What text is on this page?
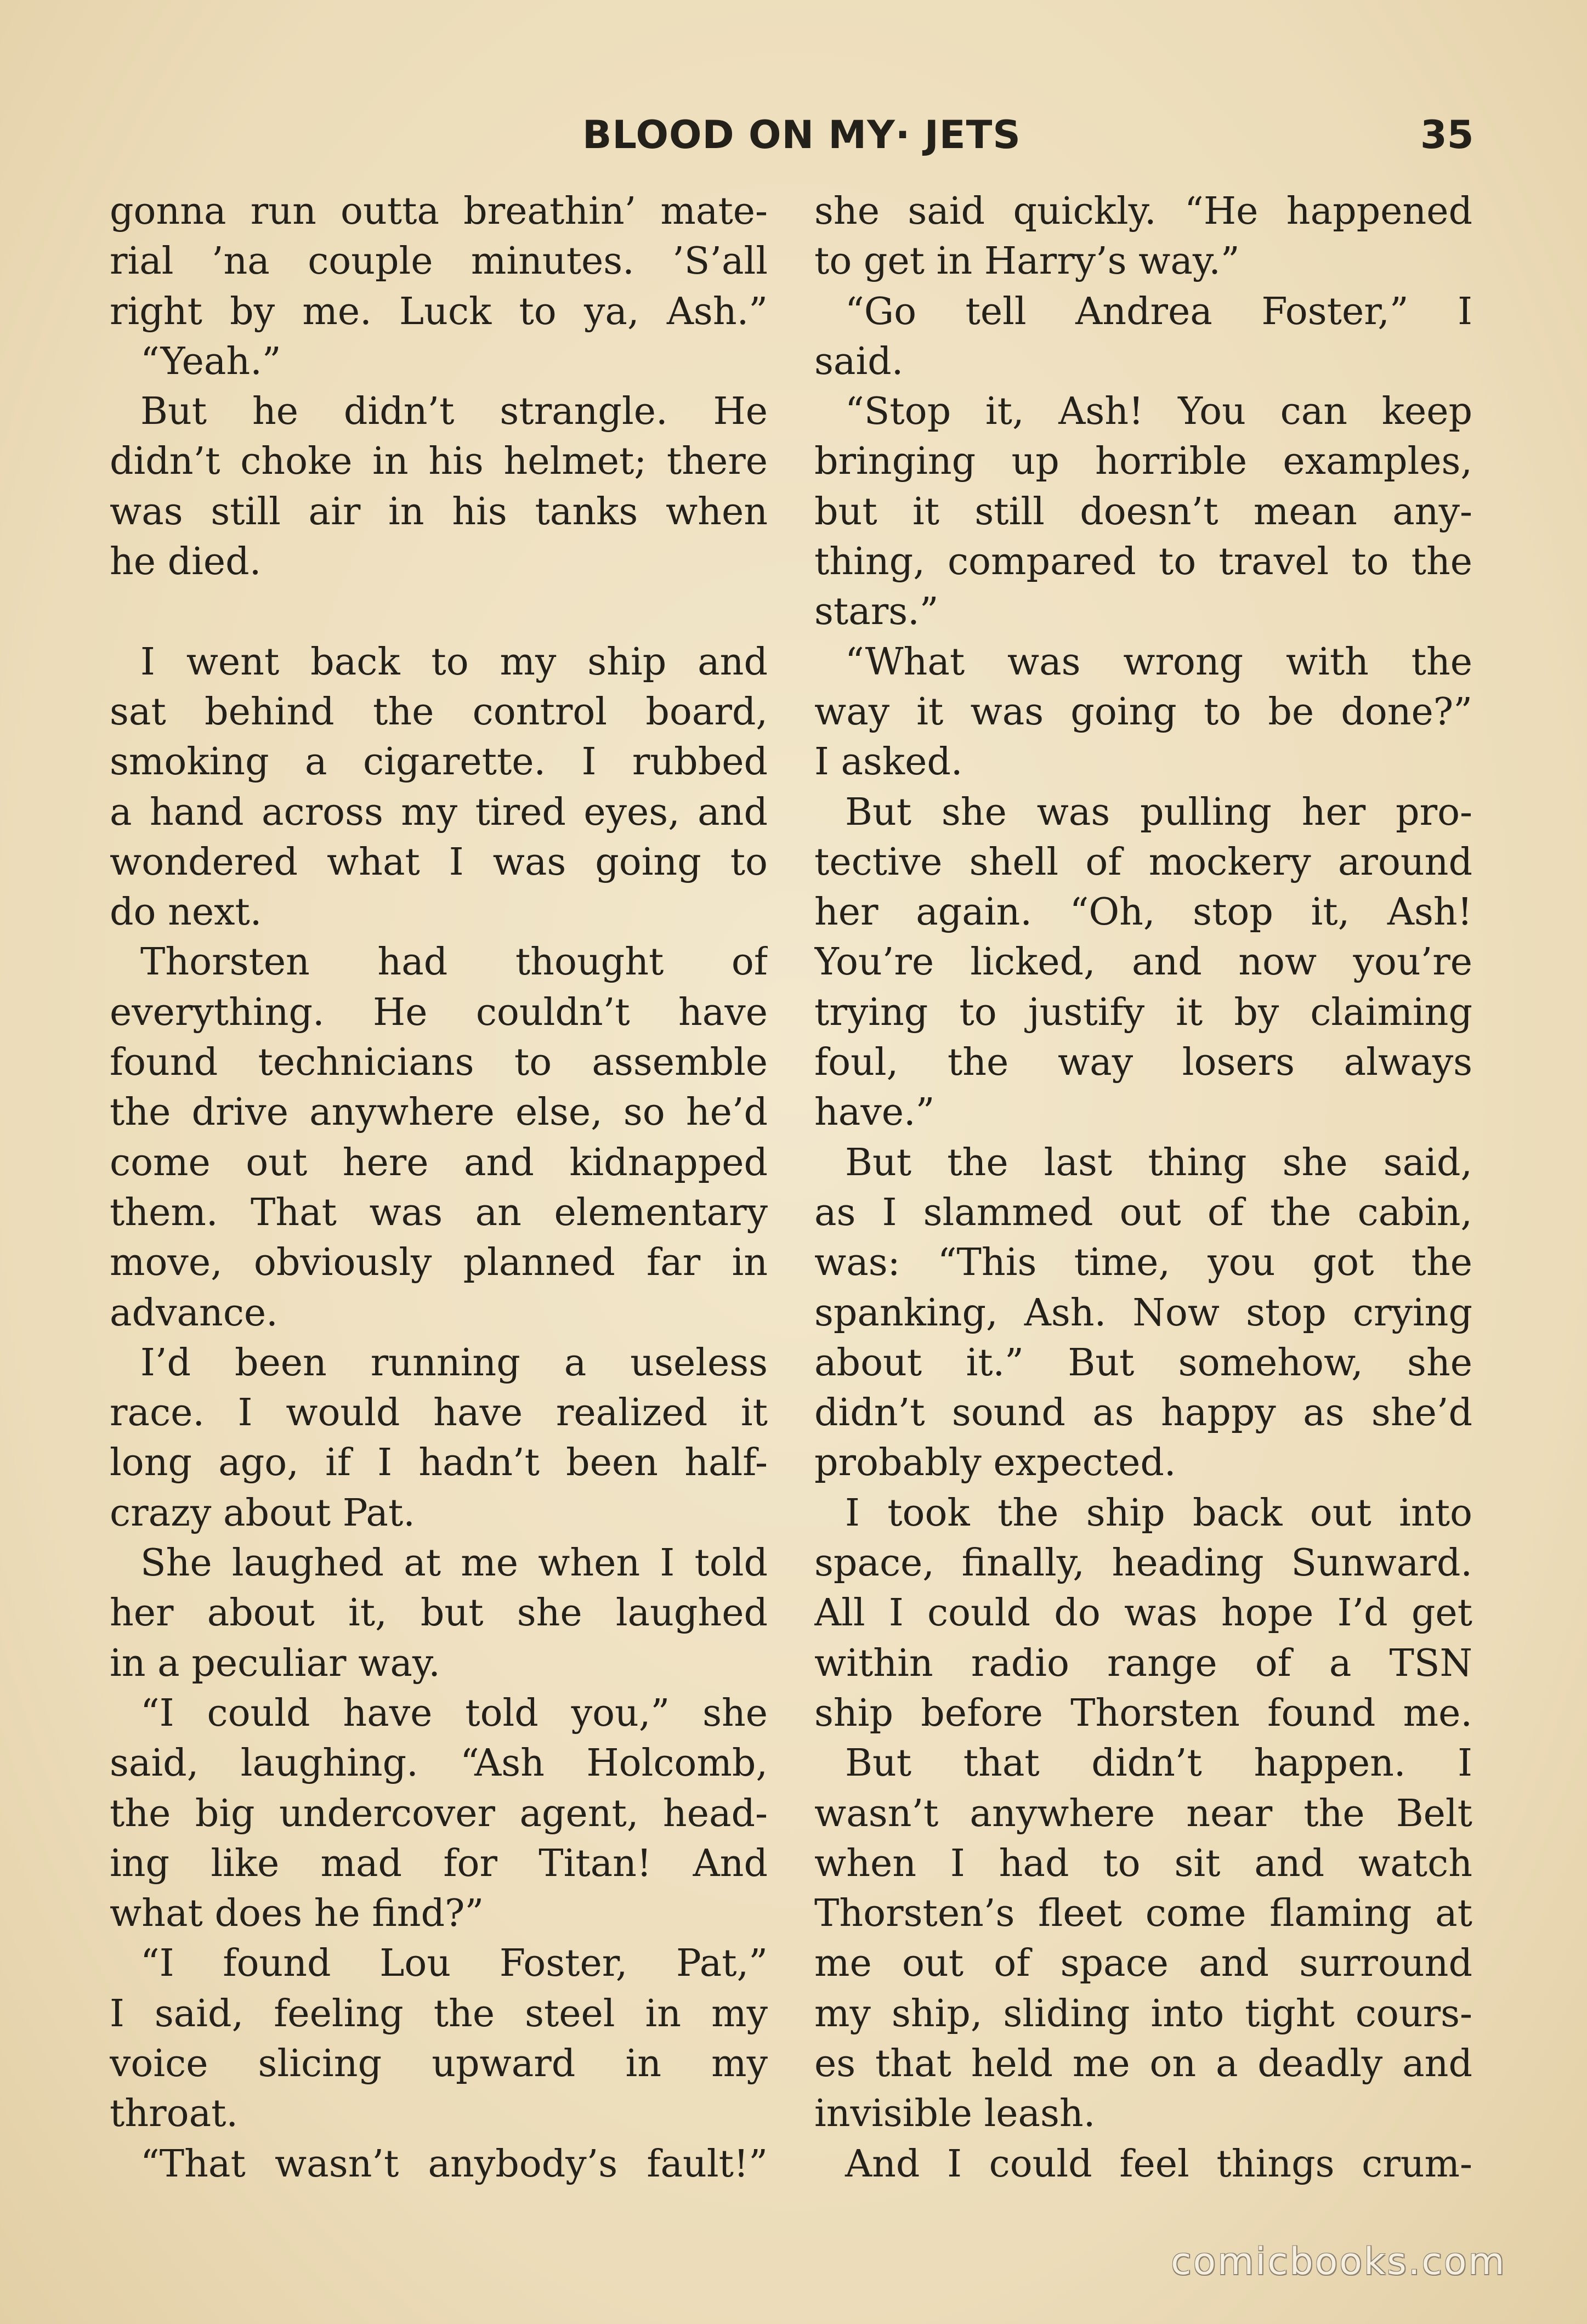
BLOOD ON MY· JETS	35
gonna run outta breathin’ mate-
rial ’na couple minutes. ’S’all
right by me. Luck to ya, Ash.”
“Yeah.”
But he didn’t strangle. He
didn’t choke in his helmet; there
was still air in his tanks when
he died.
I went back to my ship and
sat behind the control board,
smoking a cigarette. I rubbed
a hand across my tired eyes, and
wondered what I was going to
do next.
Thorsten had thought of
everything. He couldn’t have
found technicians to assemble
the drive anywhere else, so he’d
come out here and kidnapped
them. That was an elementary
move, obviously planned far in
advance.
I’d been running a useless
race. I would have realized it
long ago, if I hadn’t been half-
crazy about Pat.
She laughed at me when I told
her about it, but she laughed
in a peculiar way.
“I could have told you,” she
said, laughing. “Ash Holcomb,
the big undercover agent, head-
ing like mad for Titan! And
what does he find?”
“I found Lou Foster, Pat,”
I said, feeling the steel in my
voice slicing upward in my
throat.
“That wasn’t anybody’s fault!”
she said quickly. “He happened
to get in Harry’s way.”
“Go tell Andrea Foster,” I
said.
“Stop it, Ash! You can keep
bringing up horrible examples,
but it still doesn’t mean any-
thing, compared to travel to the
stars.”
“What was wrong with the
way it was going to be done?”
I asked.
But she was pulling her pro-
tective shell of mockery around
her again. “Oh, stop it, Ash!
You’re licked, and now you’re
trying to justify it by claiming
foul, the way losers always
have.”
But the last thing she said,
as I slammed out of the cabin,
was: “This time, you got the
spanking, Ash. Now stop crying
about it.” But somehow, she
didn’t sound as happy as she’d
probably expected.
I took the ship back out into
space, finally, heading Sunward.
All I could do was hope I’d get
within radio range of a TSN
ship before Thorsten found me.
But that didn’t happen. I
wasn’t anywhere near the Belt
when I had to sit and watch
Thorsten’s fleet come flaming at
me out of space and surround
my ship, sliding into tight cours-
es that held me on a deadly and
invisible leash.
And I could feel things crum-
comicbooks.com
